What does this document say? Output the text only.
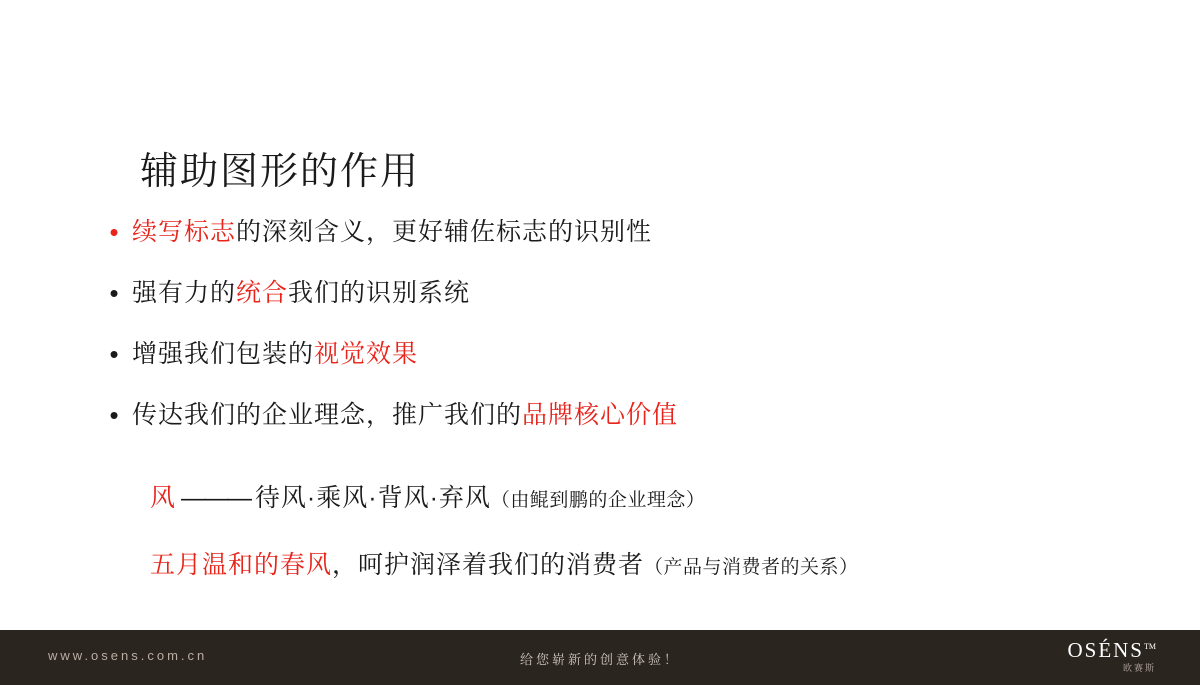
辅助图形的作用
• 续写标志的深刻含义，更好辅佐标志的识别性
• 强有力的统合我们的识别系统
• 增强我们包装的视觉效果
• 传达我们的企业理念，推广我们的品牌核心价值
风 ——— 待风·乘风·背风·弃风（由鲲到鹏的企业理念）
五月温和的春风，呵护润泽着我们的消费者（产品与消费者的关系）
www.osens.com.cn	给您崭新的创意体验！	OSÉNS™
欧赛斯
